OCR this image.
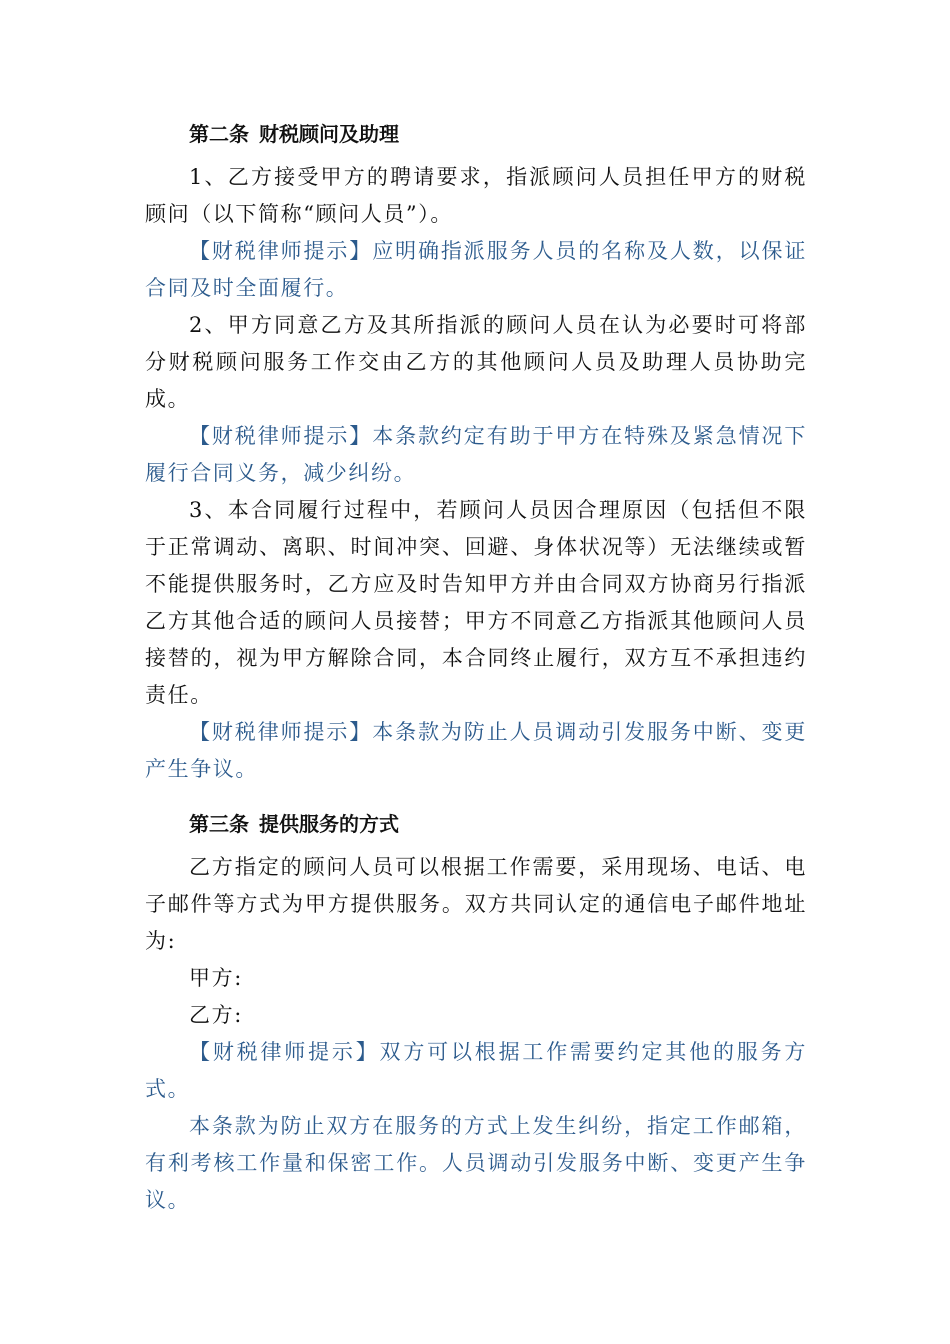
第二条 财税顾问及助理

1、乙方接受甲方的聘请要求，指派顾问人员担任甲方的财税顾问（以下简称“顾问人员”）。

【财税律师提示】应明确指派服务人员的名称及人数，以保证合同及时全面履行。

2、甲方同意乙方及其所指派的顾问人员在认为必要时可将部分财税顾问服务工作交由乙方的其他顾问人员及助理人员协助完成。

【财税律师提示】本条款约定有助于甲方在特殊及紧急情况下履行合同义务，减少纠纷。

3、本合同履行过程中，若顾问人员因合理原因（包括但不限于正常调动、离职、时间冲突、回避、身体状况等）无法继续或暂不能提供服务时，乙方应及时告知甲方并由合同双方协商另行指派乙方其他合适的顾问人员接替；甲方不同意乙方指派其他顾问人员接替的，视为甲方解除合同，本合同终止履行，双方互不承担违约责任。

【财税律师提示】本条款为防止人员调动引发服务中断、变更产生争议。

第三条 提供服务的方式

乙方指定的顾问人员可以根据工作需要，采用现场、电话、电子邮件等方式为甲方提供服务。双方共同认定的通信电子邮件地址为:

甲方:

乙方:

【财税律师提示】双方可以根据工作需要约定其他的服务方式。

本条款为防止双方在服务的方式上发生纠纷，指定工作邮箱，有利考核工作量和保密工作。人员调动引发服务中断、变更产生争议。
